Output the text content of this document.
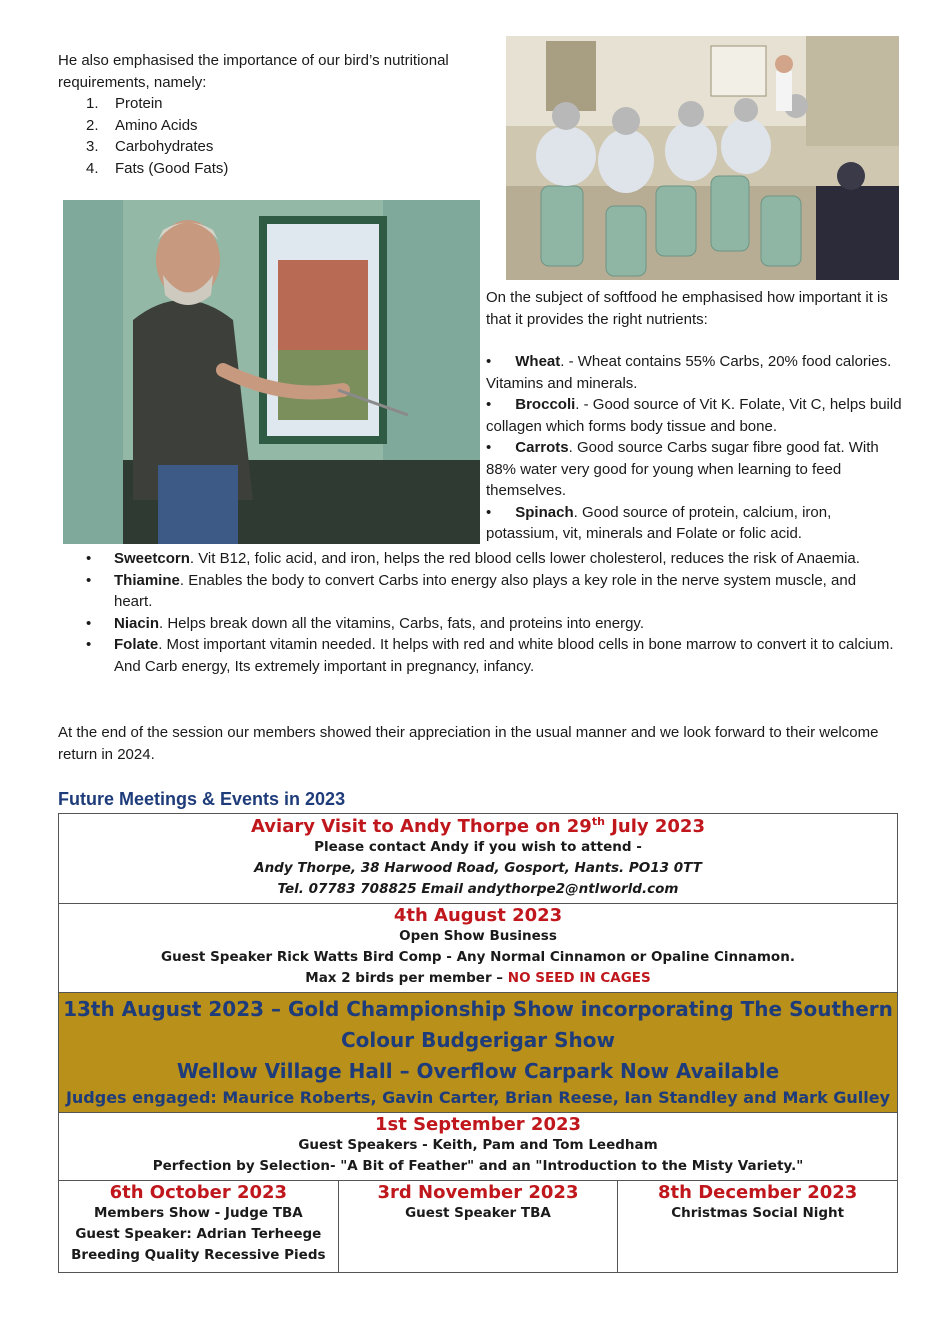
He also emphasised the importance of our bird’s nutritional requirements, namely:

1.	Protein
2.	Amino Acids
3.	Carbohydrates
4.	Fats (Good Fats)

On the subject of softfood he emphasised how important it is that it provides the right nutrients:

• Wheat. - Wheat contains 55% Carbs, 20% food calories. Vitamins and minerals.
• Broccoli. - Good source of Vit K. Folate, Vit C, helps build collagen which forms body tissue and bone.
• Carrots. Good source Carbs sugar fibre good fat. With 88% water very good for young when learning to feed themselves.
• Spinach. Good source of protein, calcium, iron, potassium, vit, minerals and Folate or folic acid.
•	Sweetcorn. Vit B12, folic acid, and iron, helps the red blood cells lower cholesterol, reduces the risk of Anaemia.
•	Thiamine. Enables the body to convert Carbs into energy also plays a key role in the nerve system muscle, and heart.
•	Niacin. Helps break down all the vitamins, Carbs, fats, and proteins into energy.
•	Folate. Most important vitamin needed. It helps with red and white blood cells in bone marrow to convert it to calcium. And Carb energy, Its extremely important in pregnancy, infancy.

At the end of the session our members showed their appreciation in the usual manner and we look forward to their welcome return in 2024.

Future Meetings & Events in 2023
Aviary Visit to Andy Thorpe on 29th July 2023
Please contact Andy if you wish to attend -
Andy Thorpe, 38 Harwood Road, Gosport, Hants. PO13 0TT
Tel. 07783 708825 Email andythorpe2@ntlworld.com

4th August 2023
Open Show Business
Guest Speaker Rick Watts Bird Comp - Any Normal Cinnamon or Opaline Cinnamon.
Max 2 birds per member – NO SEED IN CAGES

13th August 2023 – Gold Championship Show incorporating The Southern
Colour Budgerigar Show
Wellow Village Hall – Overflow Carpark Now Available
Judges engaged: Maurice Roberts, Gavin Carter, Brian Reese, Ian Standley and Mark Gulley

1st September 2023
Guest Speakers - Keith, Pam and Tom Leedham
Perfection by Selection- "A Bit of Feather" and an "Introduction to the Misty Variety."

6th October 2023
Members Show - Judge TBA
Guest Speaker: Adrian Terheege
Breeding Quality Recessive Pieds

3rd November 2023
Guest Speaker TBA

8th December 2023
Christmas Social Night
